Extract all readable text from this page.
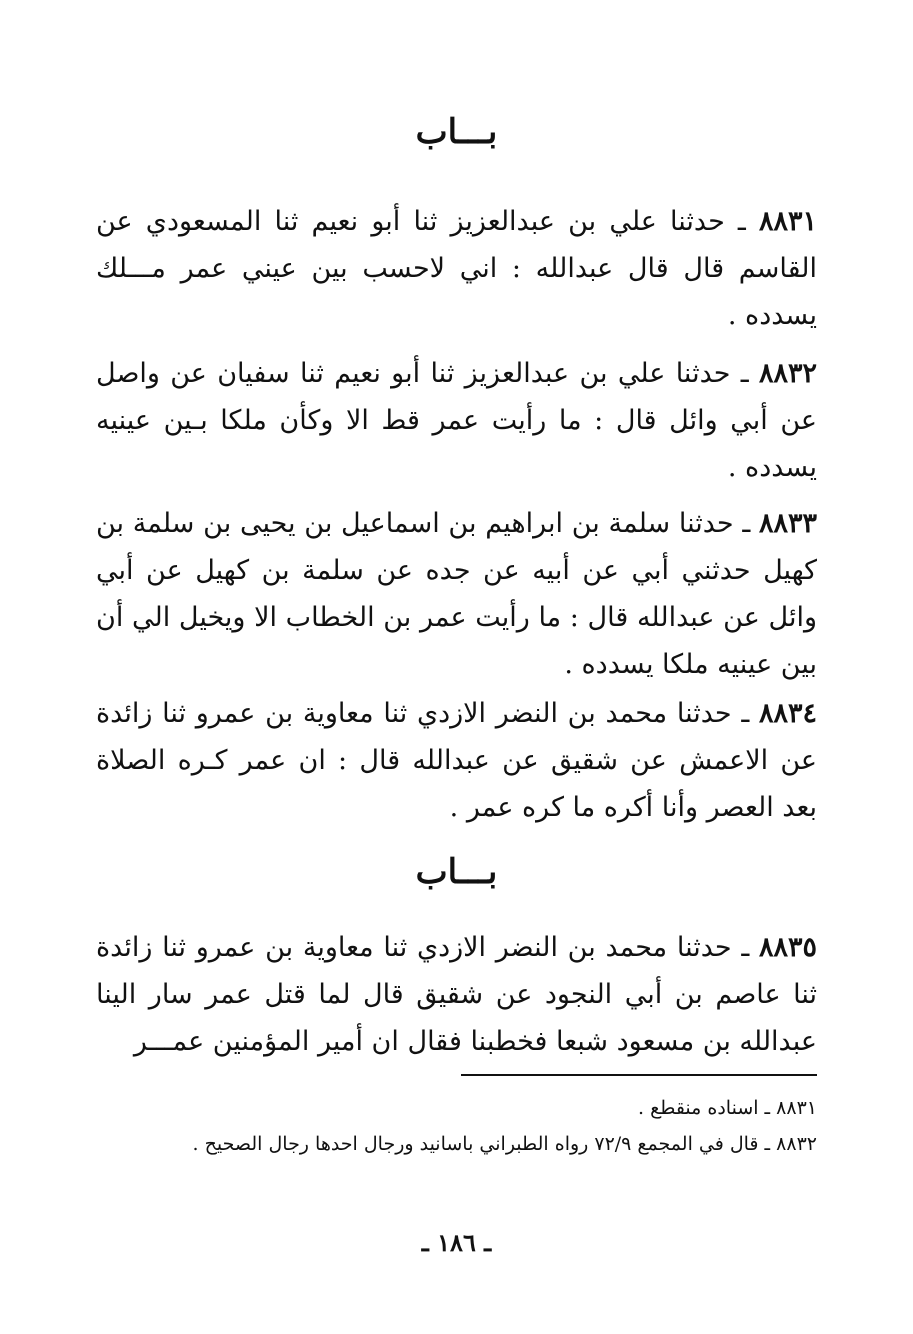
بـــاب
٨٨٣١ ـ حدثنا علي بن عبدالعزيز ثنا أبو نعيم ثنا المسعودي عن القاسم قال قال عبدالله : اني لاحسب بين عيني عمر مـــلك يسدده .
٨٨٣٢ ـ حدثنا علي بن عبدالعزيز ثنا أبو نعيم ثنا سفيان عن واصل عن أبي وائل قال : ما رأيت عمر قط الا وكأن ملكا بـين عينيه يسدده .
٨٨٣٣ ـ حدثنا سلمة بن ابراهيم بن اسماعيل بن يحيى بن سلمة بن كهيل حدثني أبي عن أبيه عن جده عن سلمة بن كهيل عن أبي وائل عن عبدالله قال : ما رأيت عمر بن الخطاب الا ويخيل الي أن بين عينيه ملكا يسدده .
٨٨٣٤ ـ حدثنا محمد بن النضر الازدي ثنا معاوية بن عمرو ثنا زائدة عن الاعمش عن شقيق عن عبدالله قال : ان عمر كـره الصلاة بعد العصر وأنا أكره ما كره عمر .
بـــاب
٨٨٣٥ ـ حدثنا محمد بن النضر الازدي ثنا معاوية بن عمرو ثنا زائدة ثنا عاصم بن أبي النجود عن شقيق قال لما قتل عمر سار الينا عبدالله بن مسعود شبعا فخطبنا فقال ان أمير المؤمنين عمـــر
٨٨٣١ ـ اسناده منقطع .
٨٨٣٢ ـ قال في المجمع ٧٢/٩ رواه الطبراني باسانيد ورجال احدها رجال الصحيح .
ـ ١٨٦ ـ
